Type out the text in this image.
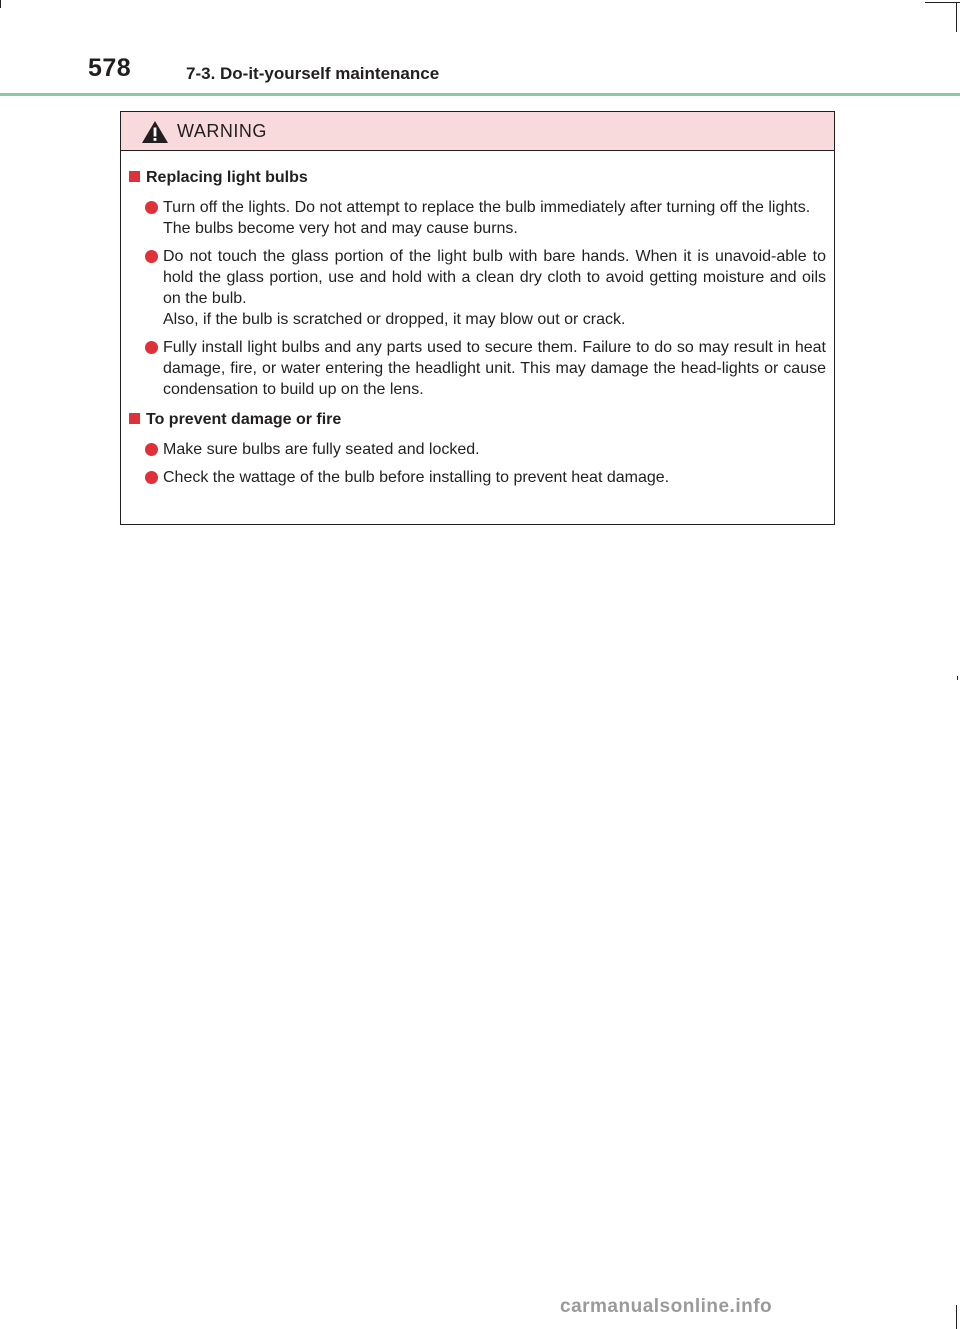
578	7-3. Do-it-yourself maintenance
WARNING
Replacing light bulbs
Turn off the lights. Do not attempt to replace the bulb immediately after turning off the lights.
The bulbs become very hot and may cause burns.
Do not touch the glass portion of the light bulb with bare hands. When it is unavoid-able to hold the glass portion, use and hold with a clean dry cloth to avoid getting moisture and oils on the bulb.
Also, if the bulb is scratched or dropped, it may blow out or crack.
Fully install light bulbs and any parts used to secure them. Failure to do so may result in heat damage, fire, or water entering the headlight unit. This may damage the head-lights or cause condensation to build up on the lens.
To prevent damage or fire
Make sure bulbs are fully seated and locked.
Check the wattage of the bulb before installing to prevent heat damage.
carmanualsonline.info
